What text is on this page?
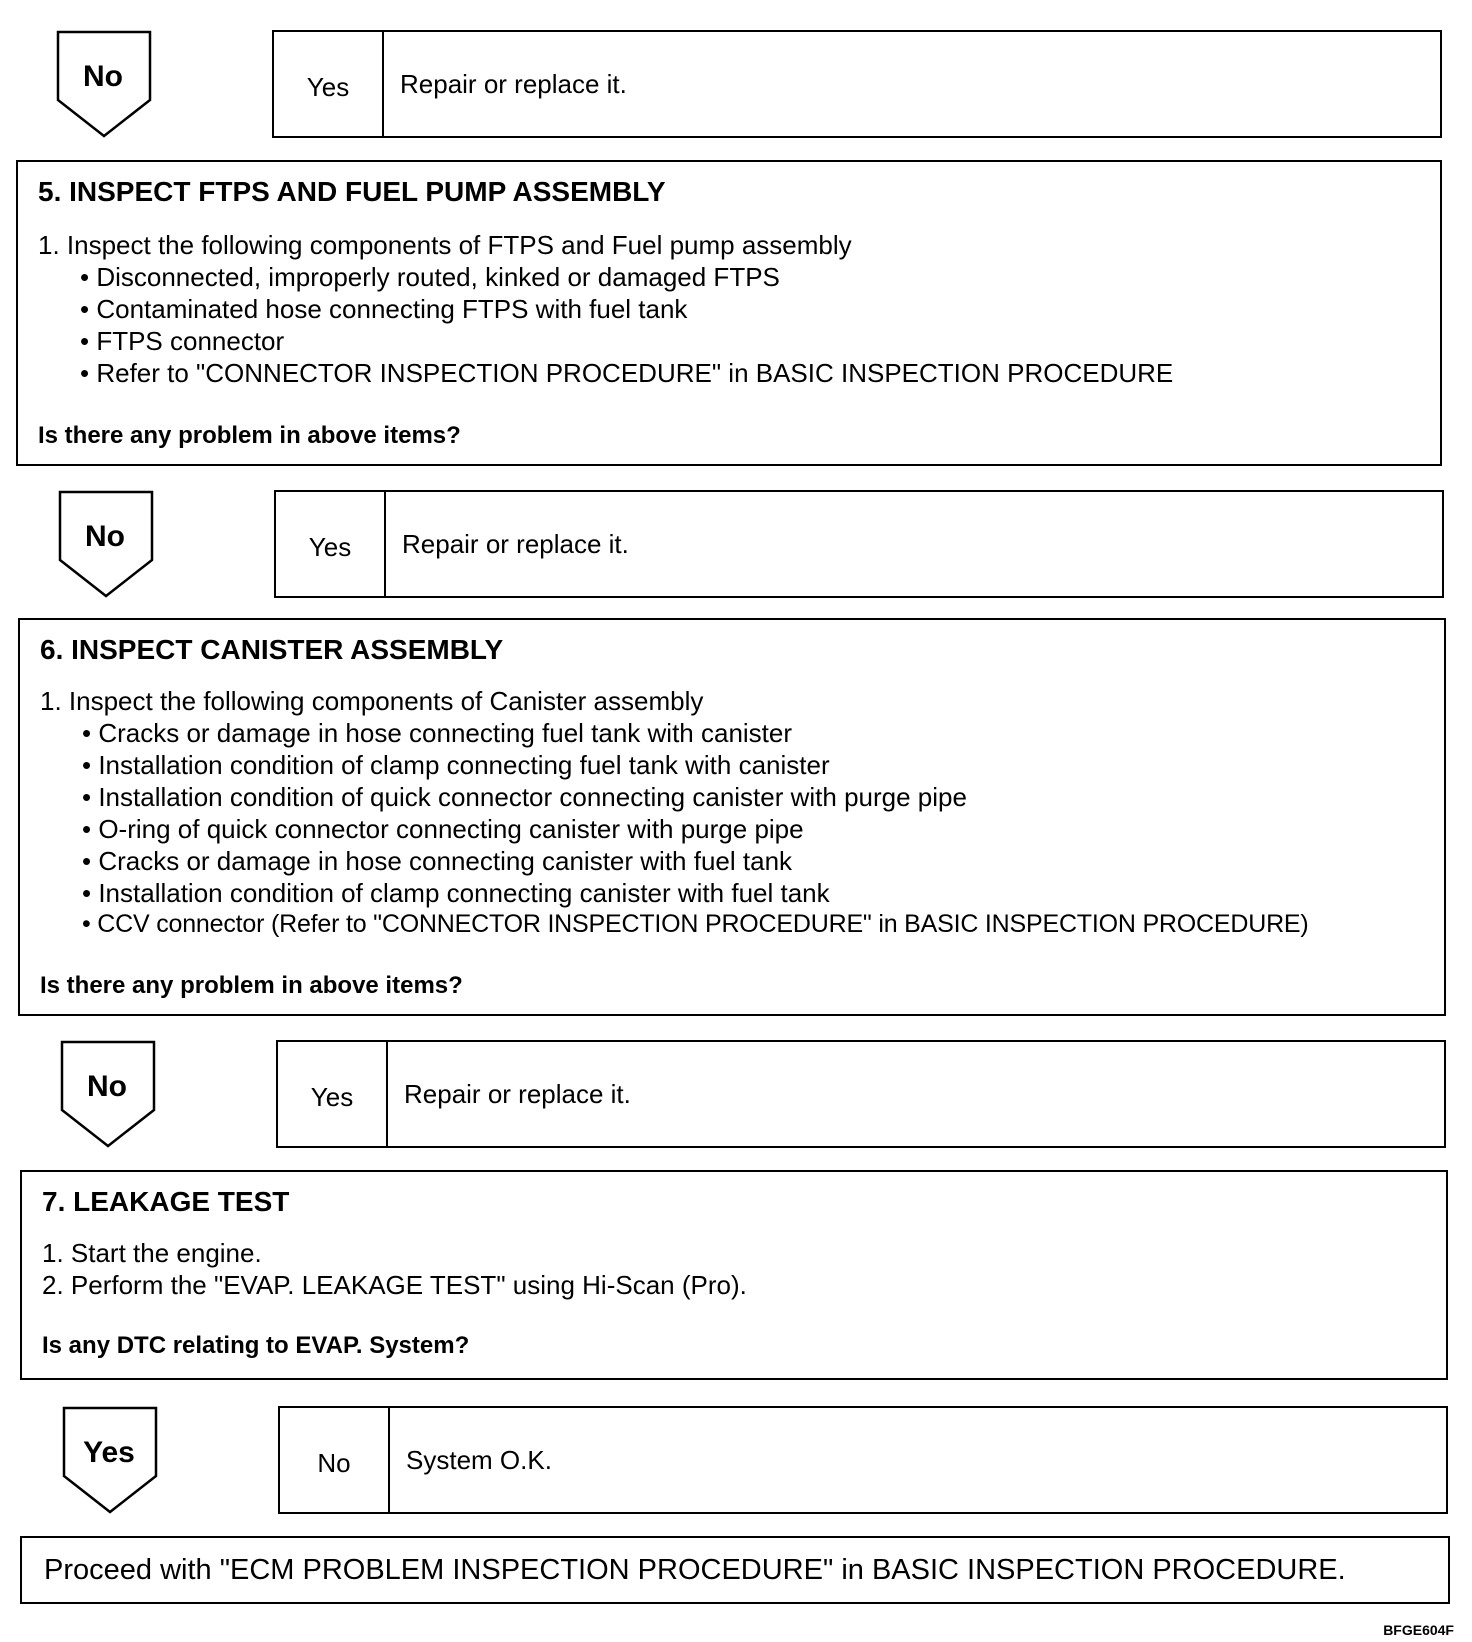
No	Yes	Repair or replace it.
5. INSPECT FTPS AND FUEL PUMP ASSEMBLY
1. Inspect the following components of FTPS and Fuel pump assembly
• Disconnected, improperly routed, kinked or damaged FTPS
• Contaminated hose connecting FTPS with fuel tank
• FTPS connector
• Refer to "CONNECTOR INSPECTION PROCEDURE" in BASIC INSPECTION PROCEDURE
Is there any problem in above items?
No	Yes	Repair or replace it.
6. INSPECT CANISTER ASSEMBLY
1. Inspect the following components of Canister assembly
• Cracks or damage in hose connecting fuel tank with canister
• Installation condition of clamp connecting fuel tank with canister
• Installation condition of quick connector connecting canister with purge pipe
• O-ring of quick connector connecting canister with purge pipe
• Cracks or damage in hose connecting canister with fuel tank
• Installation condition of clamp connecting canister with fuel tank
• CCV connector (Refer to "CONNECTOR INSPECTION PROCEDURE" in BASIC INSPECTION PROCEDURE)
Is there any problem in above items?
No	Yes	Repair or replace it.
7. LEAKAGE TEST
1. Start the engine.
2. Perform the "EVAP. LEAKAGE TEST" using Hi-Scan (Pro).
Is any DTC relating to EVAP. System?
Yes	No	System O.K.
Proceed with "ECM PROBLEM INSPECTION PROCEDURE" in BASIC INSPECTION PROCEDURE.
BFGE604F
